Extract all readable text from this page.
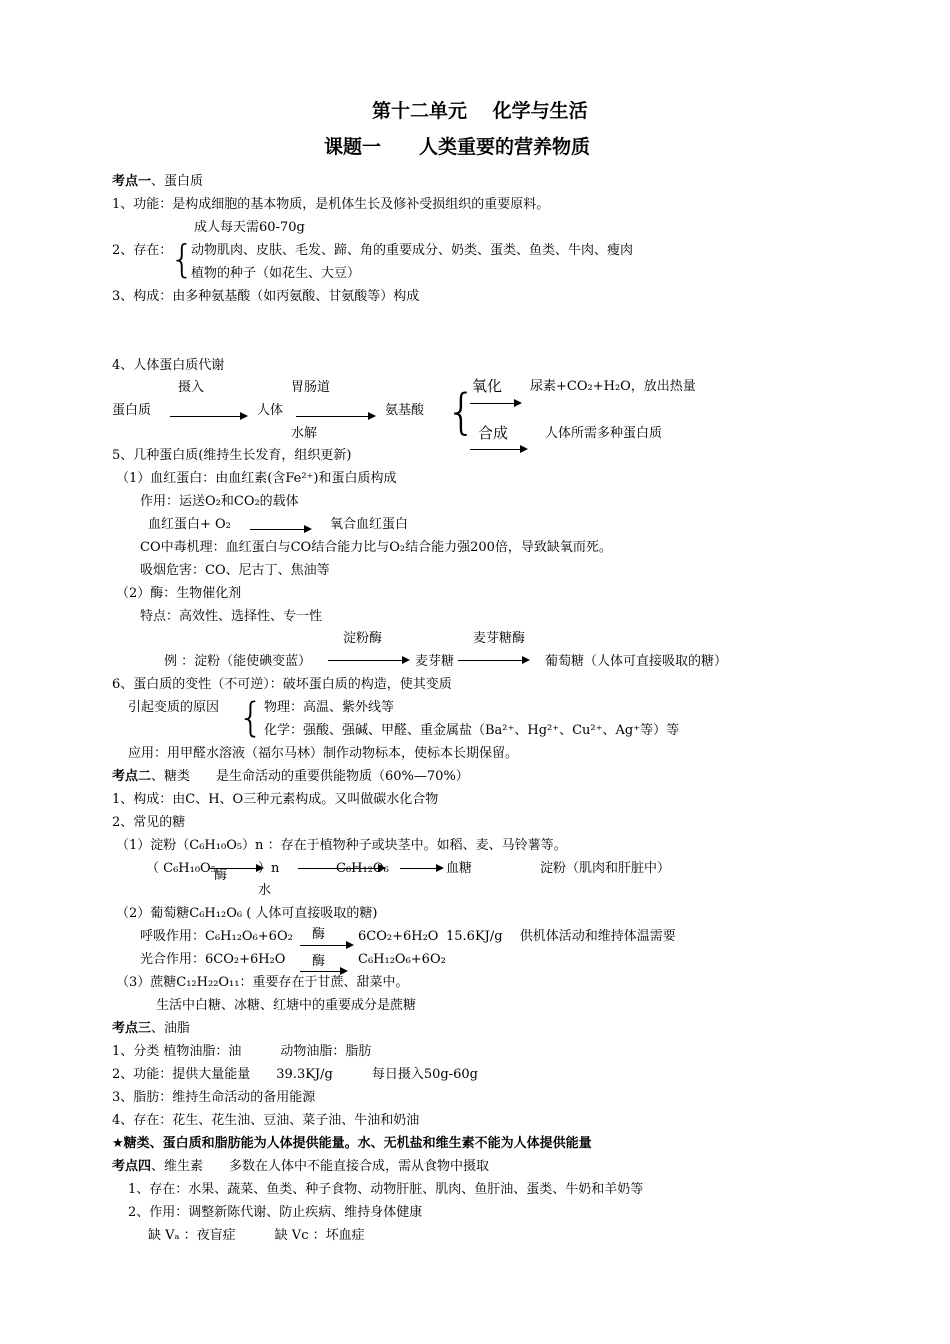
第十二单元　 化学与生活
课题一　　人类重要的营养物质
考点一、蛋白质
1、功能：是构成细胞的基本物质，是机体生长及修补受损组织的重要原料。
成人每天需60-70g
2、存在：
{
动物肌肉、皮肤、毛发、蹄、角的重要成分、奶类、蛋类、鱼类、牛肉、瘦肉
植物的种子（如花生、大豆）
3、构成：由多种氨基酸（如丙氨酸、甘氨酸等）构成
4、人体蛋白质代谢
摄入	胃肠道
蛋白质	人体	氨基酸 {
氧化 尿素+CO₂+H₂O，放出热量
水解	合成	人体所需多种蛋白质
5、几种蛋白质(维持生长发育，组织更新)
（1）血红蛋白：由血红素(含Fe²⁺)和蛋白质构成
作用：运送O₂和CO₂的载体
血红蛋白+ O₂	氧合血红蛋白
CO中毒机理：血红蛋白与CO结合能力比与O₂结合能力强200倍，导致缺氧而死。
吸烟危害：CO、尼古丁、焦油等
（2）酶：生物催化剂
特点：高效性、选择性、专一性
淀粉酶	麦芽糖酶
例 ：淀粉（能使碘变蓝）	麦芽糖	葡萄糖（人体可直接吸取的糖）
6、蛋白质的变性（不可逆）：破坏蛋白质的构造，使其变质
引起变质的原因 { 物理：高温、紫外线等
化学：强酸、强碱、甲醛、重金属盐（Ba²⁺、Hg²⁺、Cu²⁺、Ag⁺等）等
应用：用甲醛水溶液（福尔马林）制作动物标本，使标本长期保留。
考点二、糖类　　是生命活动的重要供能物质（60%—70%）
1、构成：由C、H、O三种元素构成。又叫做碳水化合物
2、常见的糖
（1）淀粉（C₆H₁₀O₅）n ：存在于植物种子或块茎中。如稻、麦、马铃薯等。
（ C₆H₁₀O₅
酶 ）n	C₆H₁₂O₆
水
血糖	淀粉（肌肉和肝脏中）
（2）葡萄糖C₆H₁₂O₆ ( 人体可直接吸取的糖)
酶
呼吸作用：C₆H₁₂O₆+6O₂	6CO₂+6H₂O 15.6KJ/g　 供机体活动和维持体温需要
光合作用：6CO₂+6H₂O 酶	C₆H₁₂O₆+6O₂
（3）蔗糖C₁₂H₂₂O₁₁：重要存在于甘蔗、甜菜中。
生活中白糖、冰糖、红塘中的重要成分是蔗糖
考点三、油脂
1、分类 植物油脂：油　　　动物油脂：脂肪
2、功能：提供大量能量　　39.3KJ/g　　　每日摄入50g-60g
3、脂肪：维持生命活动的备用能源
4、存在：花生、花生油、豆油、菜子油、牛油和奶油
★糖类、蛋白质和脂肪能为人体提供能量。水、无机盐和维生素不能为人体提供能量
考点四、维生素　　多数在人体中不能直接合成，需从食物中摄取
1、存在：水果、蔬菜、鱼类、种子食物、动物肝脏、肌肉、鱼肝油、蛋类、牛奶和羊奶等
2、作用：调整新陈代谢、防止疾病、维持身体健康
缺 Vₐ ：夜盲症　　　缺 Vc ：坏血症
